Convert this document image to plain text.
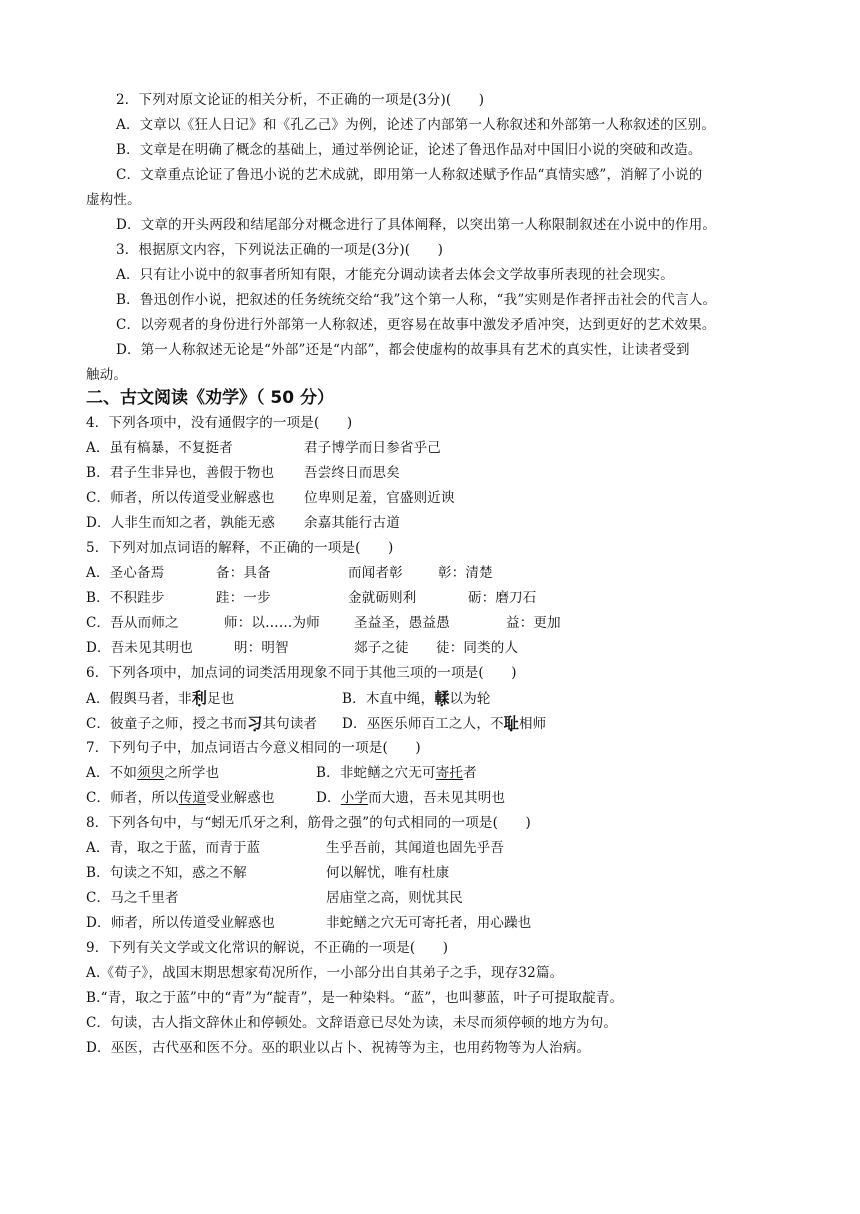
2．下列对原文论证的相关分析，不正确的一项是(3分)(　　)
A．文章以《狂人日记》和《孔乙己》为例，论述了内部第一人称叙述和外部第一人称叙述的区别。
B．文章是在明确了概念的基础上，通过举例论证，论述了鲁迅作品对中国旧小说的突破和改造。
C．文章重点论证了鲁迅小说的艺术成就，即用第一人称叙述赋予作品“真情实感”，消解了小说的
虚构性。
D．文章的开头两段和结尾部分对概念进行了具体阐释，以突出第一人称限制叙述在小说中的作用。
3．根据原文内容，下列说法正确的一项是(3分)(　　)
A．只有让小说中的叙事者所知有限，才能充分调动读者去体会文学故事所表现的社会现实。
B．鲁迅创作小说，把叙述的任务统统交给“我”这个第一人称，“我”实则是作者抨击社会的代言人。
C．以旁观者的身份进行外部第一人称叙述，更容易在故事中激发矛盾冲突，达到更好的艺术效果。
D．第一人称叙述无论是“外部”还是“内部”，都会使虚构的故事具有艺术的真实性，让读者受到
触动。
二、古文阅读《劝学》（ 50 分）
4．下列各项中，没有通假字的一项是(　　)
A．虽有槁暴，不复挺者	君子博学而日参省乎己
B．君子生非异也，善假于物也 吾尝终日而思矣
C．师者，所以传道受业解惑也 位卑则足羞，官盛则近谀
D．人非生而知之者，孰能无惑 余嘉其能行古道
5．下列对加点词语的解释，不正确的一项是(　　)
A．圣心备焉	备：具备	而闻者彰	彰：清楚
B．不积跬步	跬：一步	金就砺则利	砺：磨刀石
C．吾从而师之	师：以……为师	圣益圣，愚益愚	益：更加
D．吾未见其明也	明：明智	郯子之徒 徒：同类的人
6．下列各项中，加点词的词类活用现象不同于其他三项的一项是(　　)
A．假舆马者，非利足也	B．木直中绳，輮以为轮
C．彼童子之师，授之书而习其句读者 D．巫医乐师百工之人，不耻相师
7．下列句子中，加点词语古今意义相同的一项是(　　)
A．不如须臾之所学也	B．非蛇鳝之穴无可寄托者
C．师者，所以传道受业解惑也	D．小学而大遗，吾未见其明也
8．下列各句中，与“蚓无爪牙之利，筋骨之强”的句式相同的一项是(　　)
A．青，取之于蓝，而青于蓝	生乎吾前，其闻道也固先乎吾
B．句读之不知，惑之不解	何以解忧，唯有杜康
C．马之千里者	居庙堂之高，则忧其民
D．师者，所以传道受业解惑也	非蛇鳝之穴无可寄托者，用心躁也
9．下列有关文学或文化常识的解说，不正确的一项是(　　)
A.《荀子》，战国末期思想家荀况所作，一小部分出自其弟子之手，现存32篇。
B.“青，取之于蓝”中的“青”为“靛青”，是一种染料。“蓝”，也叫蓼蓝，叶子可提取靛青。
C．句读，古人指文辞休止和停顿处。文辞语意已尽处为读，未尽而须停顿的地方为句。
D．巫医，古代巫和医不分。巫的职业以占卜、祝祷等为主，也用药物等为人治病。
